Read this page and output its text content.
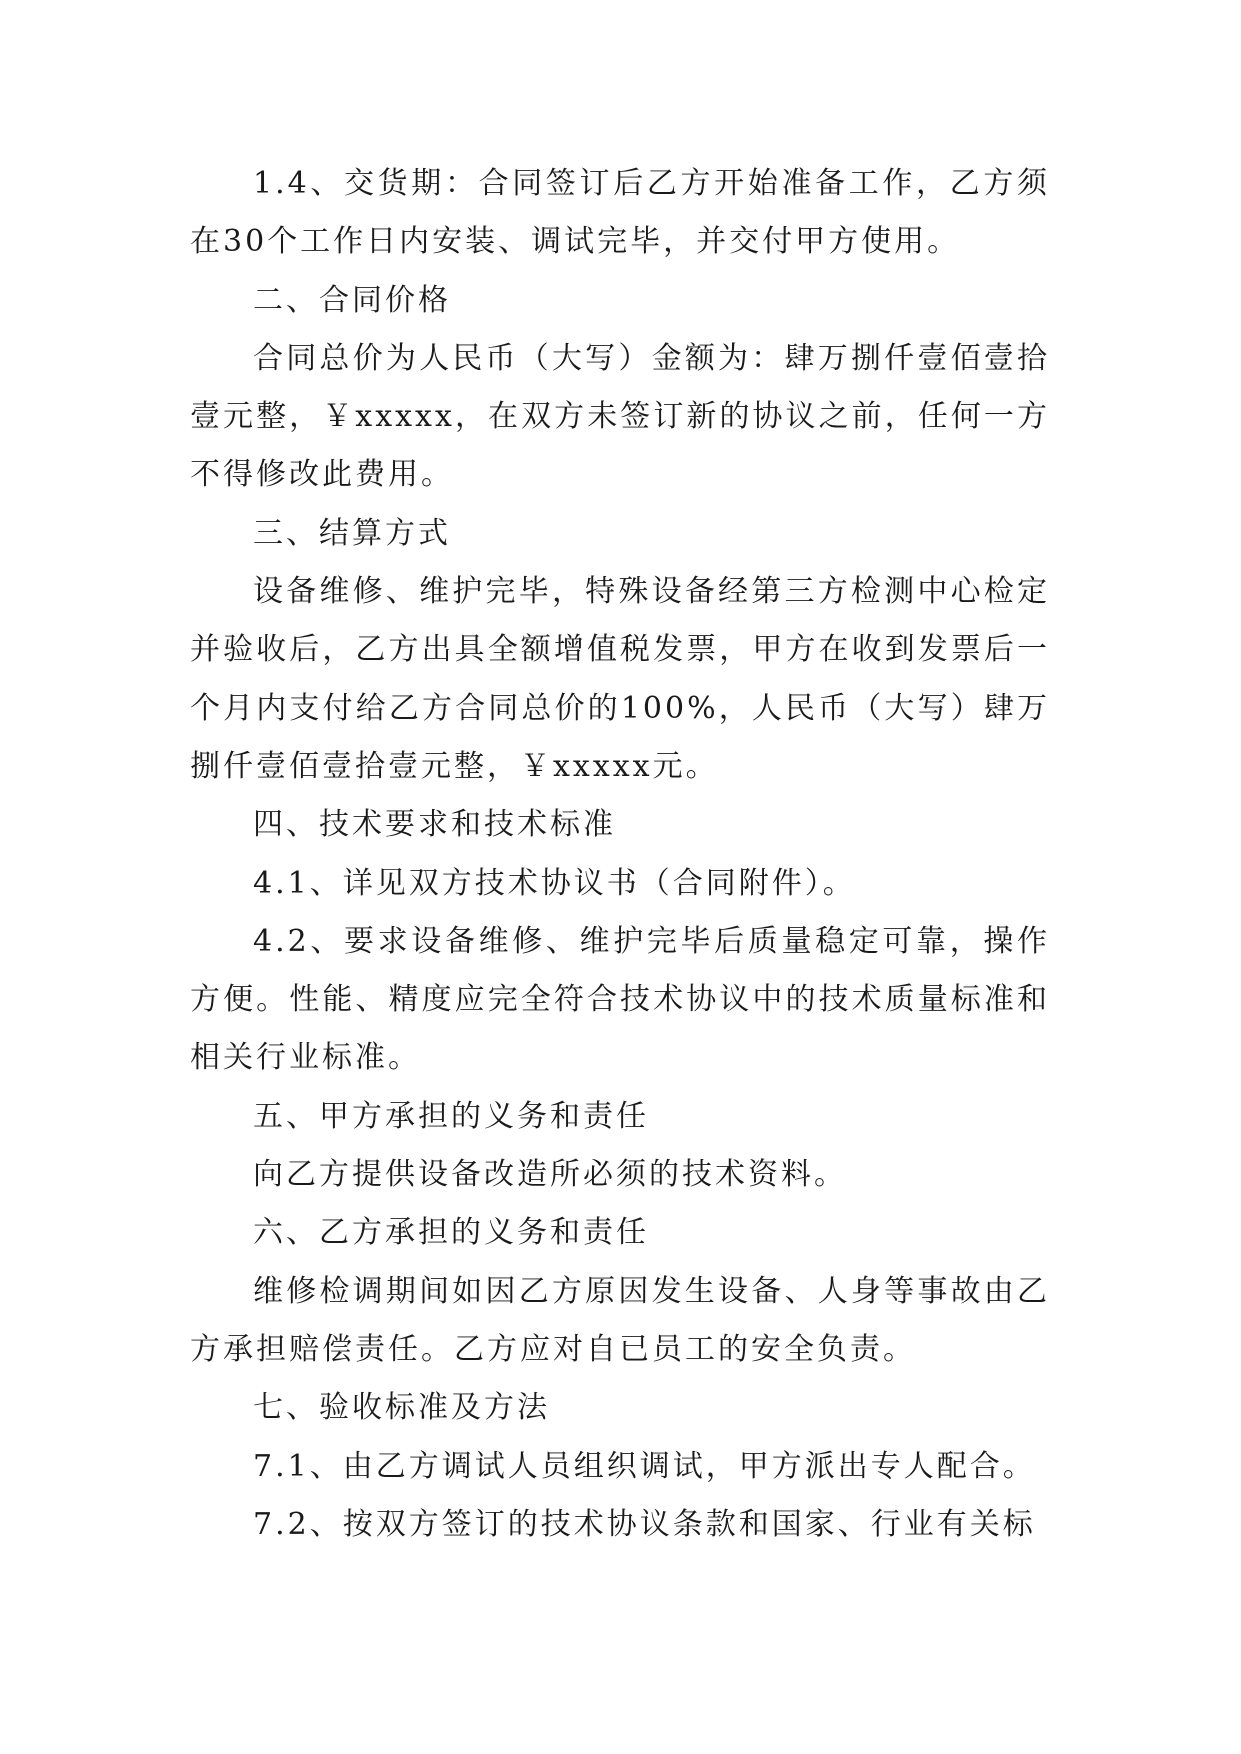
1.4、交货期：合同签订后乙方开始准备工作，乙方须在30个工作日内安装、调试完毕，并交付甲方使用。

二、合同价格

合同总价为人民币（大写）金额为：肆万捌仟壹佰壹拾壹元整，￥xxxxx，在双方未签订新的协议之前，任何一方不得修改此费用。

三、结算方式

设备维修、维护完毕，特殊设备经第三方检测中心检定并验收后，乙方出具全额增值税发票，甲方在收到发票后一个月内支付给乙方合同总价的100%，人民币（大写）肆万捌仟壹佰壹拾壹元整，￥xxxxx元。

四、技术要求和技术标准

4.1、详见双方技术协议书（合同附件）。

4.2、要求设备维修、维护完毕后质量稳定可靠，操作方便。性能、精度应完全符合技术协议中的技术质量标准和相关行业标准。

五、甲方承担的义务和责任

向乙方提供设备改造所必须的技术资料。

六、乙方承担的义务和责任

维修检调期间如因乙方原因发生设备、人身等事故由乙方承担赔偿责任。乙方应对自已员工的安全负责。

七、验收标准及方法

7.1、由乙方调试人员组织调试，甲方派出专人配合。

7.2、按双方签订的技术协议条款和国家、行业有关标
